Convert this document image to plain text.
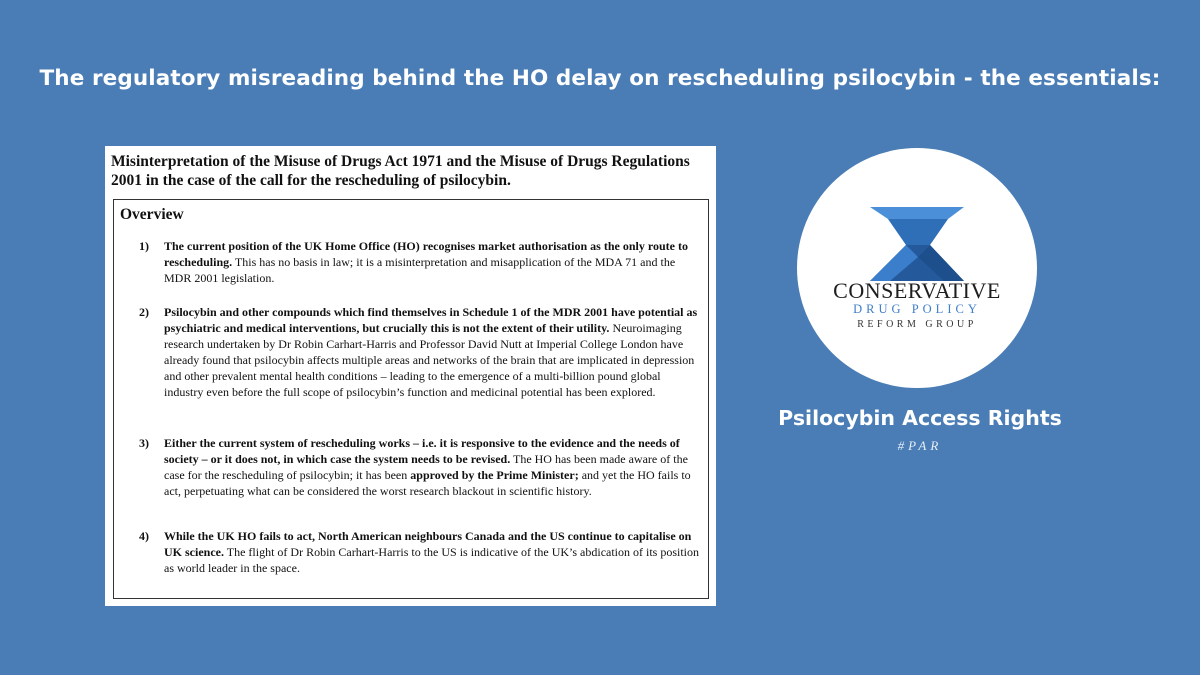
The regulatory misreading behind the HO delay on rescheduling psilocybin - the essentials:
Misinterpretation of the Misuse of Drugs Act 1971 and the Misuse of Drugs Regulations 2001 in the case of the call for the rescheduling of psilocybin.
Overview
1) The current position of the UK Home Office (HO) recognises market authorisation as the only route to rescheduling. This has no basis in law; it is a misinterpretation and misapplication of the MDA 71 and the MDR 2001 legislation.
2) Psilocybin and other compounds which find themselves in Schedule 1 of the MDR 2001 have potential as psychiatric and medical interventions, but crucially this is not the extent of their utility. Neuroimaging research undertaken by Dr Robin Carhart-Harris and Professor David Nutt at Imperial College London have already found that psilocybin affects multiple areas and networks of the brain that are implicated in depression and other prevalent mental health conditions – leading to the emergence of a multi-billion pound global industry even before the full scope of psilocybin’s function and medicinal potential has been explored.
3) Either the current system of rescheduling works – i.e. it is responsive to the evidence and the needs of society – or it does not, in which case the system needs to be revised. The HO has been made aware of the case for the rescheduling of psilocybin; it has been approved by the Prime Minister; and yet the HO fails to act, perpetuating what can be considered the worst research blackout in scientific history.
4) While the UK HO fails to act, North American neighbours Canada and the US continue to capitalise on UK science. The flight of Dr Robin Carhart-Harris to the US is indicative of the UK’s abdication of its position as world leader in the space.
CONSERVATIVE
DRUG POLICY
REFORM GROUP
Psilocybin Access Rights
#PAR
